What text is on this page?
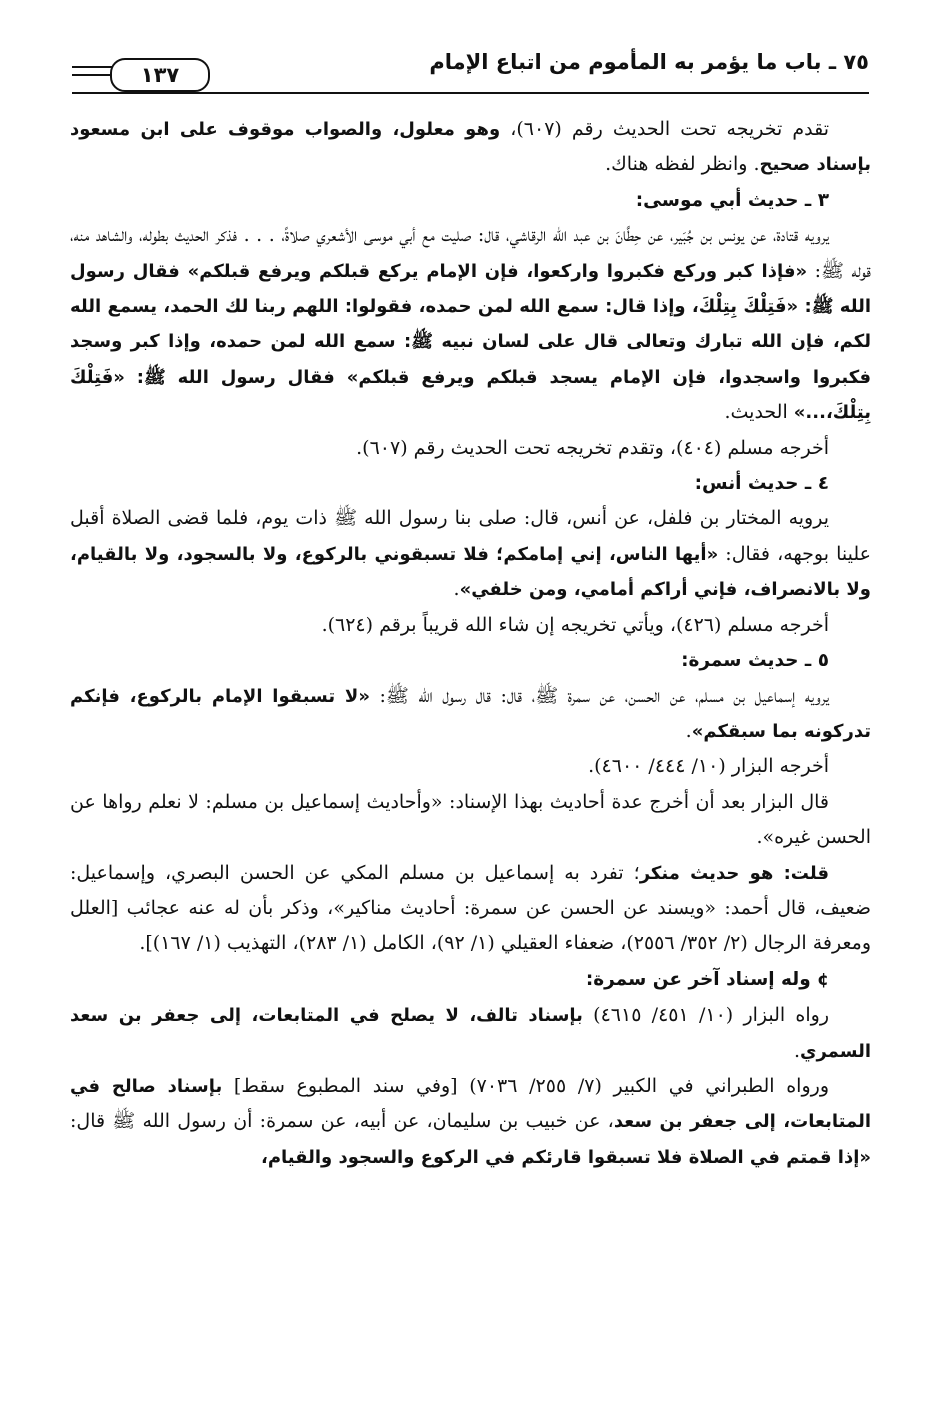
٧٥ ـ باب ما يؤمر به المأموم من اتباع الإمام
١٣٧

تقدم تخريجه تحت الحديث رقم (٦٠٧)، وهو معلول، والصواب موقوف على ابن مسعود بإسناد صحيح. وانظر لفظه هناك.

٣ ـ حديث أبي موسى:

يرويه قتادة، عن يونس بن جُبَير، عن حِطَّانَ بن عبد الله الرقاشي، قال: صليت مع أبي موسى الأشعري صلاةً، . . . فذكر الحديث بطوله، والشاهد منه، قوله ﷺ: «فإذا كبر وركع فكبروا واركعوا، فإن الإمام يركع قبلكم ويرفع قبلكم» فقال رسول الله ﷺ: «فَتِلْكَ بِتِلْكَ، وإذا قال: سمع الله لمن حمده، فقولوا: اللهم ربنا لك الحمد، يسمع الله لكم، فإن الله تبارك وتعالى قال على لسان نبيه ﷺ: سمع الله لمن حمده، وإذا كبر وسجد فكبروا واسجدوا، فإن الإمام يسجد قبلكم ويرفع قبلكم» فقال رسول الله ﷺ: «فَتِلْكَ بِتِلْكَ،...» الحديث.

أخرجه مسلم (٤٠٤)، وتقدم تخريجه تحت الحديث رقم (٦٠٧).

٤ ـ حديث أنس:

يرويه المختار بن فلفل، عن أنس، قال: صلى بنا رسول الله ﷺ ذات يوم، فلما قضى الصلاة أقبل علينا بوجهه، فقال: «أيها الناس، إني إمامكم؛ فلا تسبقوني بالركوع، ولا بالسجود، ولا بالقيام، ولا بالانصراف، فإني أراكم أمامي، ومن خلفي».

أخرجه مسلم (٤٢٦)، ويأتي تخريجه إن شاء الله قريباً برقم (٦٢٤).

٥ ـ حديث سمرة:

يرويه إسماعيل بن مسلم، عن الحسن، عن سمرة ﷺ، قال: قال رسول الله ﷺ: «لا تسبقوا الإمام بالركوع، فإنكم تدركونه بما سبقكم».

أخرجه البزار (١٠/ ٤٤٤/ ٤٦٠٠).

قال البزار بعد أن أخرج عدة أحاديث بهذا الإسناد: «وأحاديث إسماعيل بن مسلم: لا نعلم رواها عن الحسن غيره».

قلت: هو حديث منكر؛ تفرد به إسماعيل بن مسلم المكي عن الحسن البصري، وإسماعيل: ضعيف، قال أحمد: «ويسند عن الحسن عن سمرة: أحاديث مناكير»، وذكر بأن له عنه عجائب [العلل ومعرفة الرجال (٢/ ٣٥٢/ ٢٥٥٦)، ضعفاء العقيلي (١/ ٩٢)، الكامل (١/ ٢٨٣)، التهذيب (١/ ١٦٧)].

¢ وله إسناد آخر عن سمرة:

رواه البزار (١٠/ ٤٥١/ ٤٦١٥) بإسناد تالف، لا يصلح في المتابعات، إلى جعفر بن سعد السمري.

ورواه الطبراني في الكبير (٧/ ٢٥٥/ ٧٠٣٦) [وفي سند المطبوع سقط] بإسناد صالح في المتابعات، إلى جعفر بن سعد، عن خبيب بن سليمان، عن أبيه، عن سمرة: أن رسول الله ﷺ قال: «إذا قمتم في الصلاة فلا تسبقوا قارئكم في الركوع والسجود والقيام،
